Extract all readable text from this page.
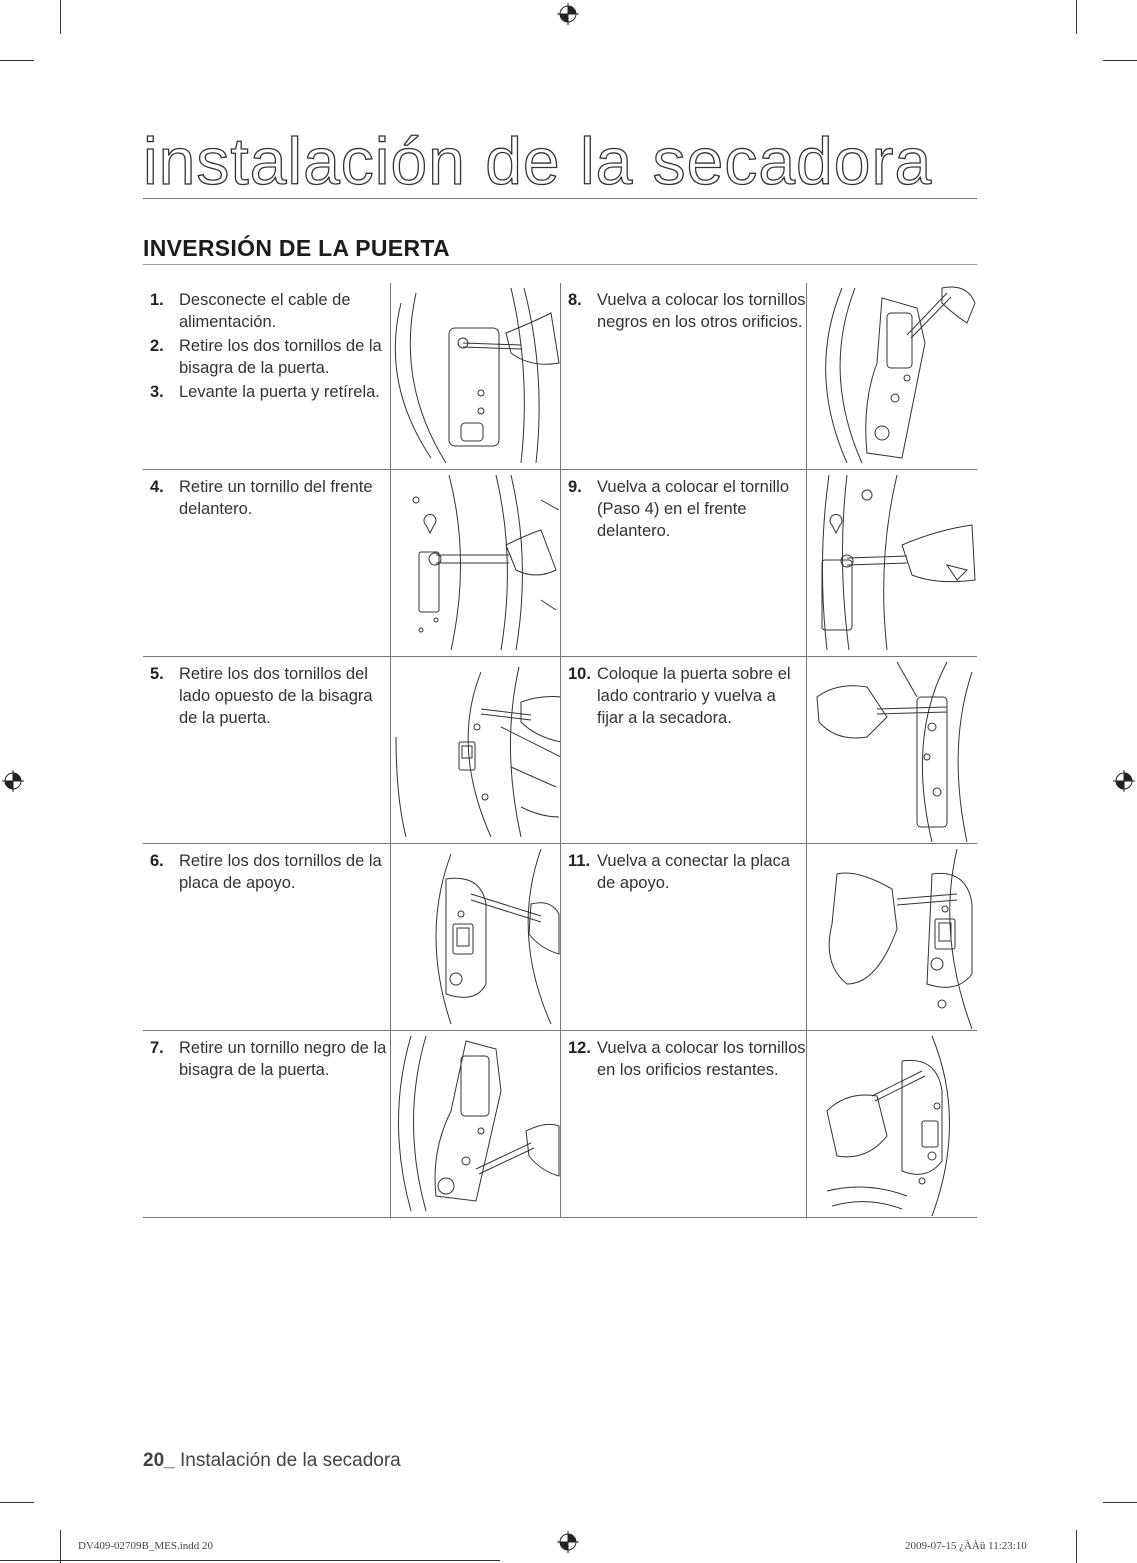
instalación de la secadora
INVERSIÓN DE LA PUERTA

1. Desconecte el cable de alimentación.

2. Retire los dos tornillos de la bisagra de la puerta.

3. Levante la puerta y retírela.

8. Vuelva a colocar los tornillos negros en los otros orificios.

4. Retire un tornillo del frente delantero.

9. Vuelva a colocar el tornillo (Paso 4) en el frente delantero.

5. Retire los dos tornillos del lado opuesto de la bisagra de la puerta.

10. Coloque la puerta sobre el lado contrario y vuelva a fijar a la secadora.

6. Retire los dos tornillos de la placa de apoyo.

11. Vuelva a conectar la placa de apoyo.

7. Retire un tornillo negro de la bisagra de la puerta.

12. Vuelva a colocar los tornillos en los orificios restantes.

20_ Instalación de la secadora
DV409-02709B_MES.indd 20	2009-07-15 ¿ÀÀü 11:23:10
